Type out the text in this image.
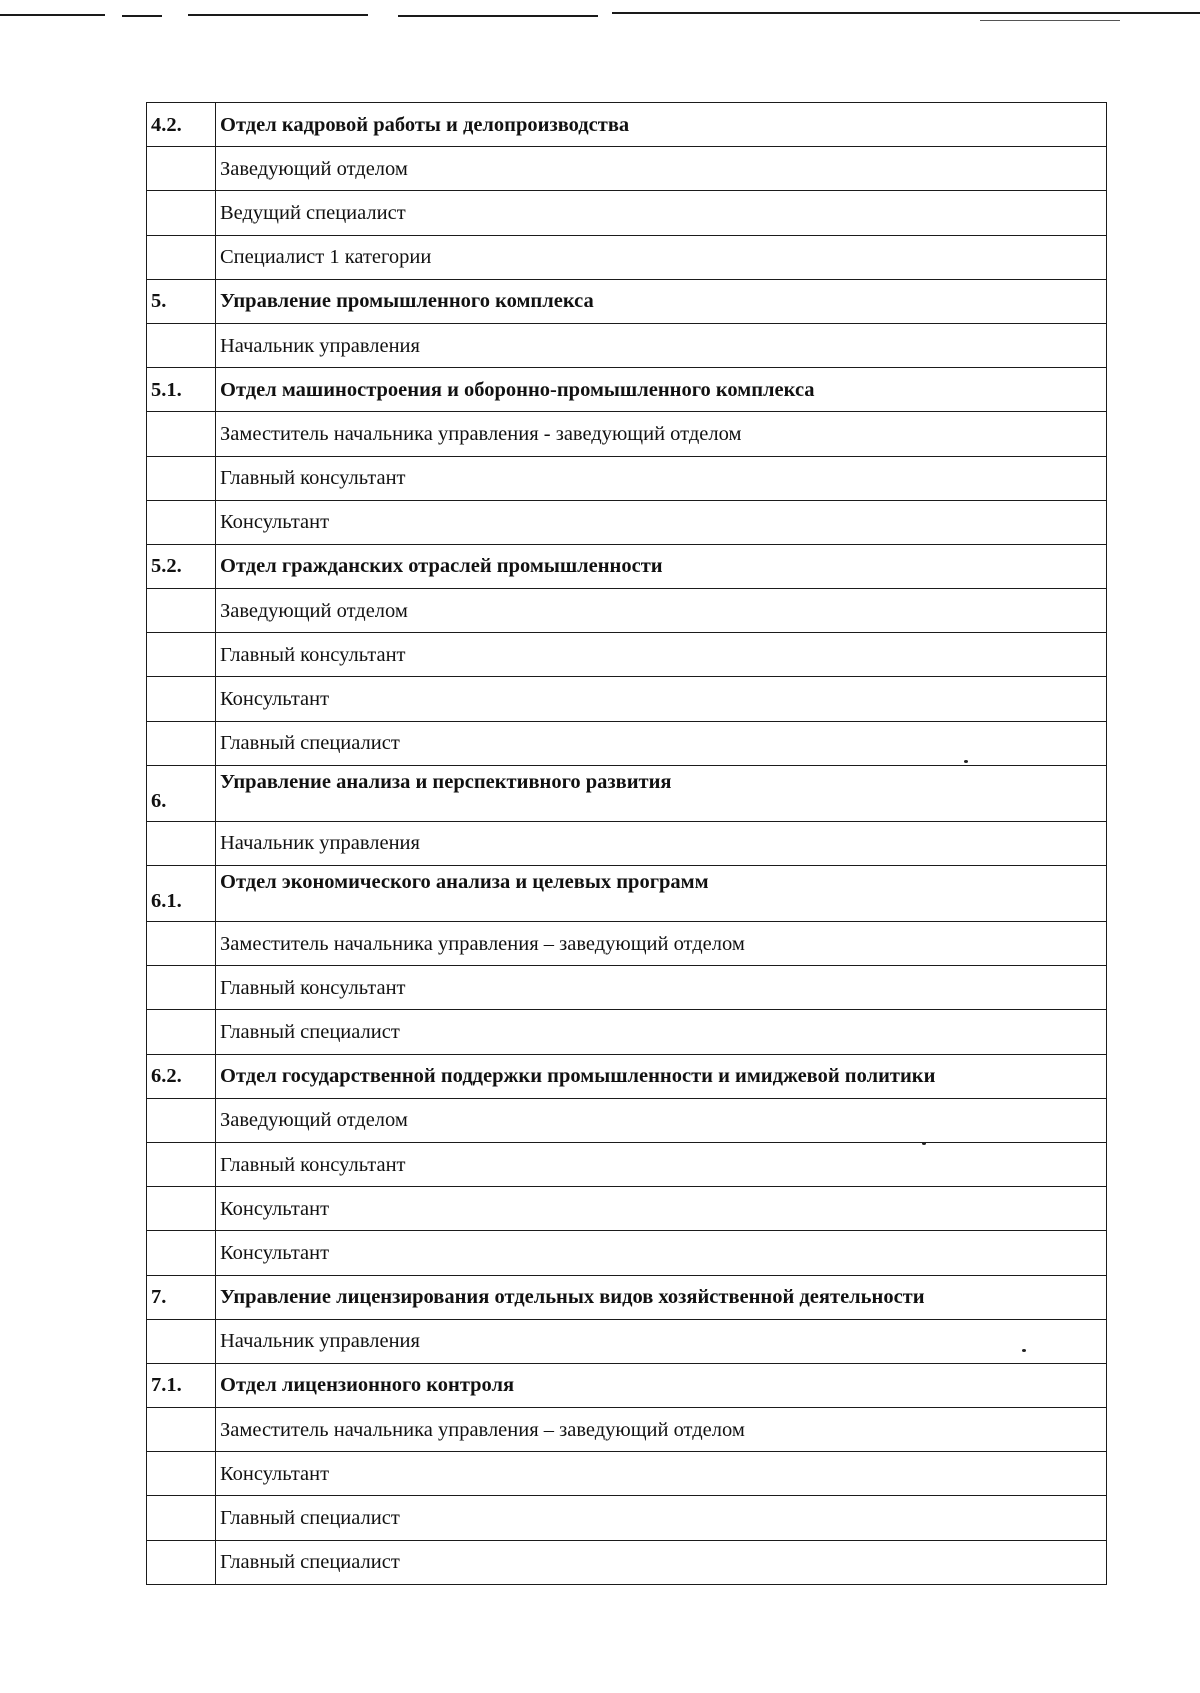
4.2.	Отдел кадровой работы и делопроизводства
	Заведующий отделом
	Ведущий специалист
	Специалист 1 категории
5.	Управление промышленного комплекса
	Начальник управления
5.1.	Отдел машиностроения и оборонно-промышленного комплекса
	Заместитель начальника управления - заведующий отделом
	Главный консультант
	Консультант
5.2.	Отдел гражданских отраслей промышленности
	Заведующий отделом
	Главный консультант
	Консультант
	Главный специалист
6.	Управление анализа и перспективного развития
	Начальник управления
6.1.	Отдел экономического анализа и целевых программ
	Заместитель начальника управления – заведующий отделом
	Главный консультант
	Главный специалист
6.2.	Отдел государственной поддержки промышленности и имиджевой политики
	Заведующий отделом
	Главный консультант
	Консультант
	Консультант
7.	Управление лицензирования отдельных видов хозяйственной деятельности
	Начальник управления
7.1.	Отдел лицензионного контроля
	Заместитель начальника управления – заведующий отделом
	Консультант
	Главный специалист
	Главный специалист
